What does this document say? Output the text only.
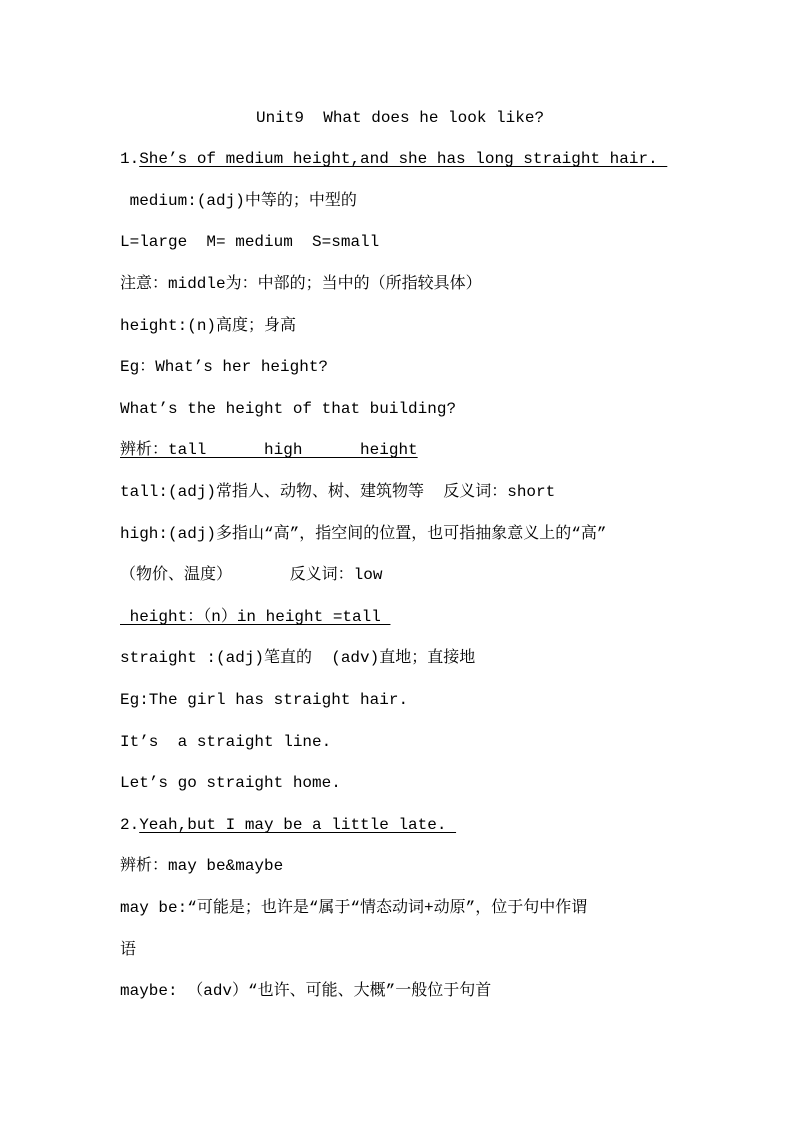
Unit9  What does he look like?
1.She’s of medium height,and she has long straight hair.
medium:(adj)中等的；中型的
L=large  M= medium  S=small
注意：middle为：中部的；当中的（所指较具体）
height:(n)高度；身高
Eg：What’s her height?
What’s the height of that building?
辨析：tall      high      height
tall:(adj)常指人、动物、树、建筑物等  反义词：short
high:(adj)多指山“高”，指空间的位置，也可指抽象意义上的“高”
（物价、温度）      反义词：low
height：（n）in height =tall
straight :(adj)笔直的  (adv)直地；直接地
Eg:The girl has straight hair.
It’s  a straight line.
Let’s go straight home.
2.Yeah,but I may be a little late.
辨析：may be&maybe
may be:“可能是；也许是“属于“情态动词+动原”，位于句中作谓
语
maybe: （adv）“也许、可能、大概”一般位于句首
